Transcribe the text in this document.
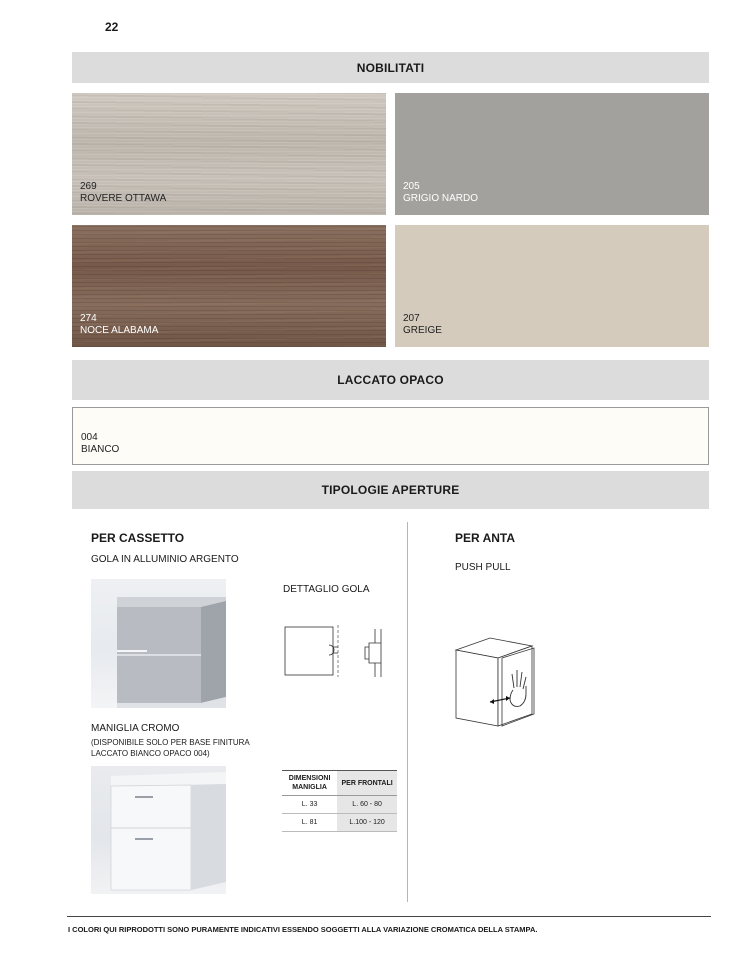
22
NOBILITATI
269
ROVERE OTTAWA
205
GRIGIO NARDO
274
NOCE ALABAMA
207
GREIGE
LACCATO OPACO
004
BIANCO
TIPOLOGIE APERTURE
PER CASSETTO
GOLA IN ALLUMINIO ARGENTO
DETTAGLIO GOLA
MANIGLIA CROMO
(DISPONIBILE SOLO PER BASE FINITURA
LACCATO BIANCO OPACO 004)
DIMENSIONI MANIGLIA	PER FRONTALI
L. 33	L. 60 - 80
L. 81	L.100 - 120
PER ANTA
PUSH PULL
I COLORI QUI RIPRODOTTI SONO PURAMENTE INDICATIVI ESSENDO SOGGETTI ALLA VARIAZIONE CROMATICA DELLA STAMPA.
